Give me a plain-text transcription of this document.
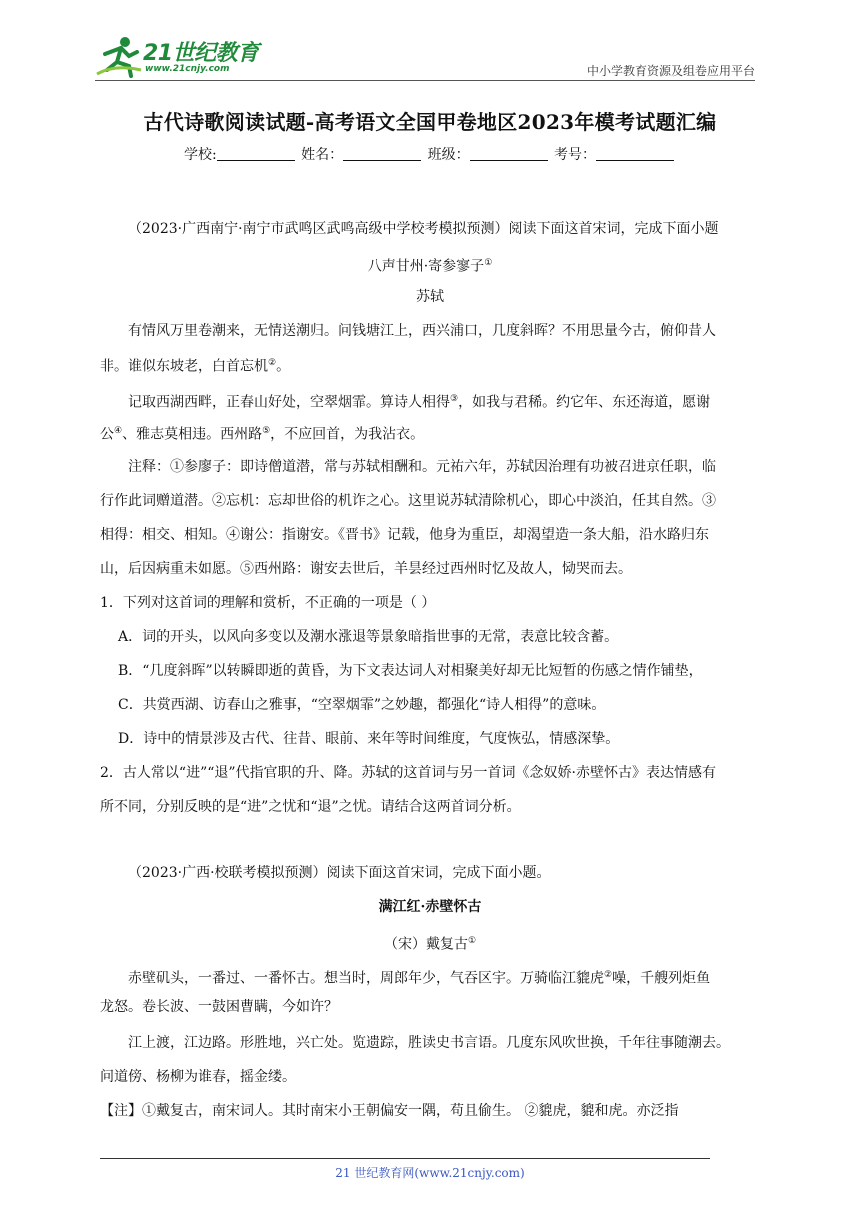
21世纪教育
www.21cnjy.com	中小学教育资源及组卷应用平台
古代诗歌阅读试题-高考语文全国甲卷地区2023年模考试题汇编
学校:	姓名：	班级：	考号：
（2023·广西南宁·南宁市武鸣区武鸣高级中学校考模拟预测）阅读下面这首宋词，完成下面小题
八声甘州·寄参寥子①
苏轼
有情风万里卷潮来，无情送潮归。问钱塘江上，西兴浦口，几度斜晖？不用思量今古，俯仰昔人
非。谁似东坡老，白首忘机②。
记取西湖西畔，正春山好处，空翠烟霏。算诗人相得③，如我与君稀。约它年、东还海道，愿谢
公④、雅志莫相违。西州路⑤，不应回首，为我沾衣。
注释：①参廖子：即诗僧道潜，常与苏轼相酬和。元祐六年，苏轼因治理有功被召进京任职，临
行作此词赠道潜。②忘机：忘却世俗的机诈之心。这里说苏轼清除机心，即心中淡泊，任其自然。③
相得：相交、相知。④谢公：指谢安。《晋书》记载，他身为重臣，却渴望造一条大船，沿水路归东
山，后因病重未如愿。⑤西州路：谢安去世后，羊昙经过西州时忆及故人，恸哭而去。
1．下列对这首词的理解和赏析，不正确的一项是（ ）
A．词的开头，以风向多变以及潮水涨退等景象暗指世事的无常，表意比较含蓄。
B．“几度斜晖”以转瞬即逝的黄昏，为下文表达词人对相聚美好却无比短暂的伤感之情作铺垫，
C．共赏西湖、访春山之雅事，“空翠烟霏”之妙趣，都强化“诗人相得”的意味。
D．诗中的情景涉及古代、往昔、眼前、来年等时间维度，气度恢弘，情感深挚。
2．古人常以“进”“退”代指官职的升、降。苏轼的这首词与另一首词《念奴娇·赤壁怀古》表达情感有
所不同，分别反映的是“进”之忧和“退”之忧。请结合这两首词分析。
（2023·广西·校联考模拟预测）阅读下面这首宋词，完成下面小题。
满江红·赤壁怀古
（宋）戴复古①
赤壁矶头，一番过、一番怀古。想当时，周郎年少，气吞区宇。万骑临江貔虎②噪，千艘列炬鱼
龙怒。卷长波、一鼓困曹瞒，今如许？
江上渡，江边路。形胜地，兴亡处。览遗踪，胜读史书言语。几度东风吹世换，千年往事随潮去。
问道傍、杨柳为谁春，摇金缕。
【注】①戴复古，南宋词人。其时南宋小王朝偏安一隅，苟且偷生。 ②貔虎，貔和虎。亦泛指
21 世纪教育网(www.21cnjy.com)
